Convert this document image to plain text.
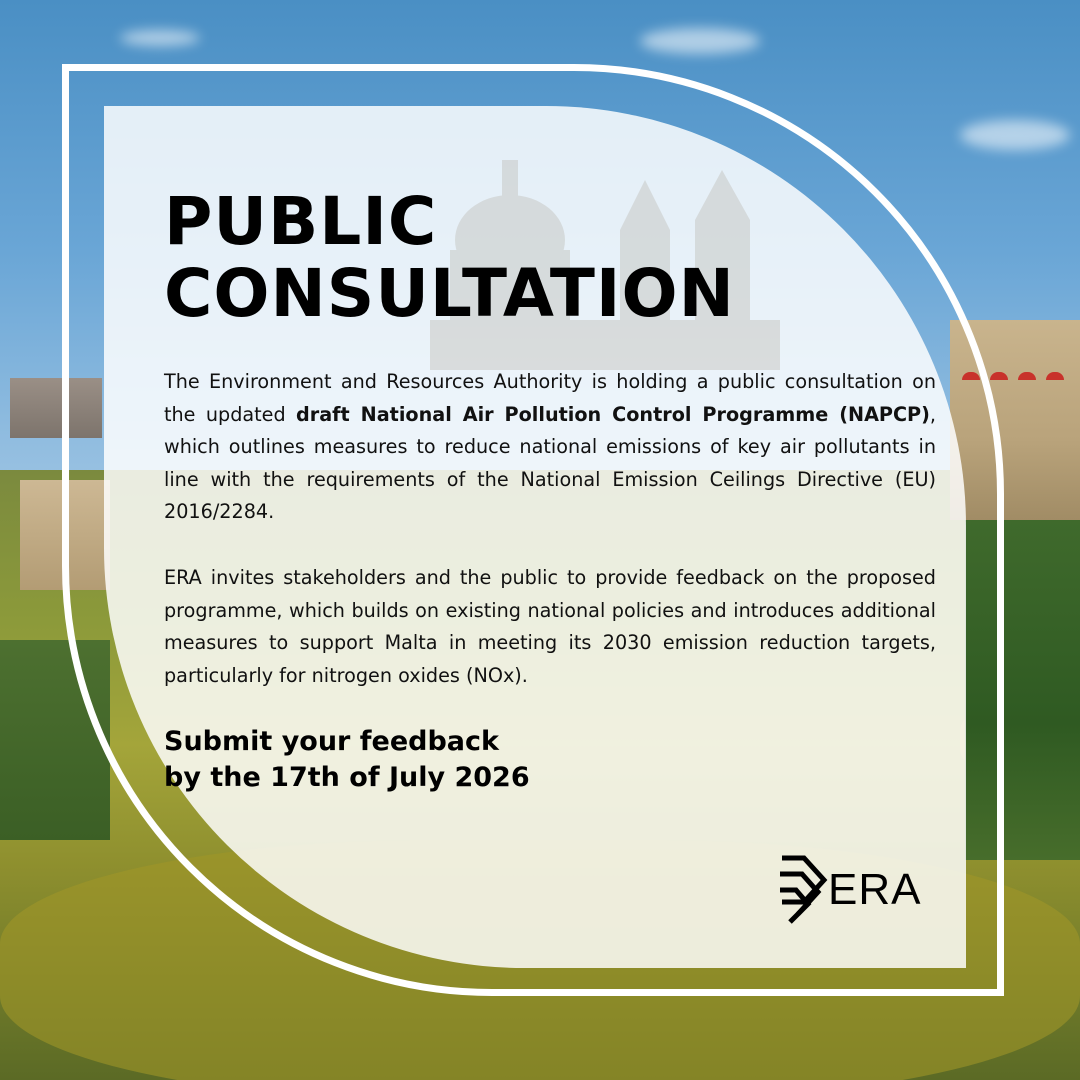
PUBLIC
CONSULTATION

The Environment and Resources Authority is holding a public consultation on the updated draft National Air Pollution Control Programme (NAPCP), which outlines measures to reduce national emissions of key air pollutants in line with the requirements of the National Emission Ceilings Directive (EU) 2016/2284.

ERA invites stakeholders and the public to provide feedback on the proposed programme, which builds on existing national policies and introduces additional measures to support Malta in meeting its 2030 emission reduction targets, particularly for nitrogen oxides (NOx).

Submit your feedback
by the 17th of July 2026

ERA
